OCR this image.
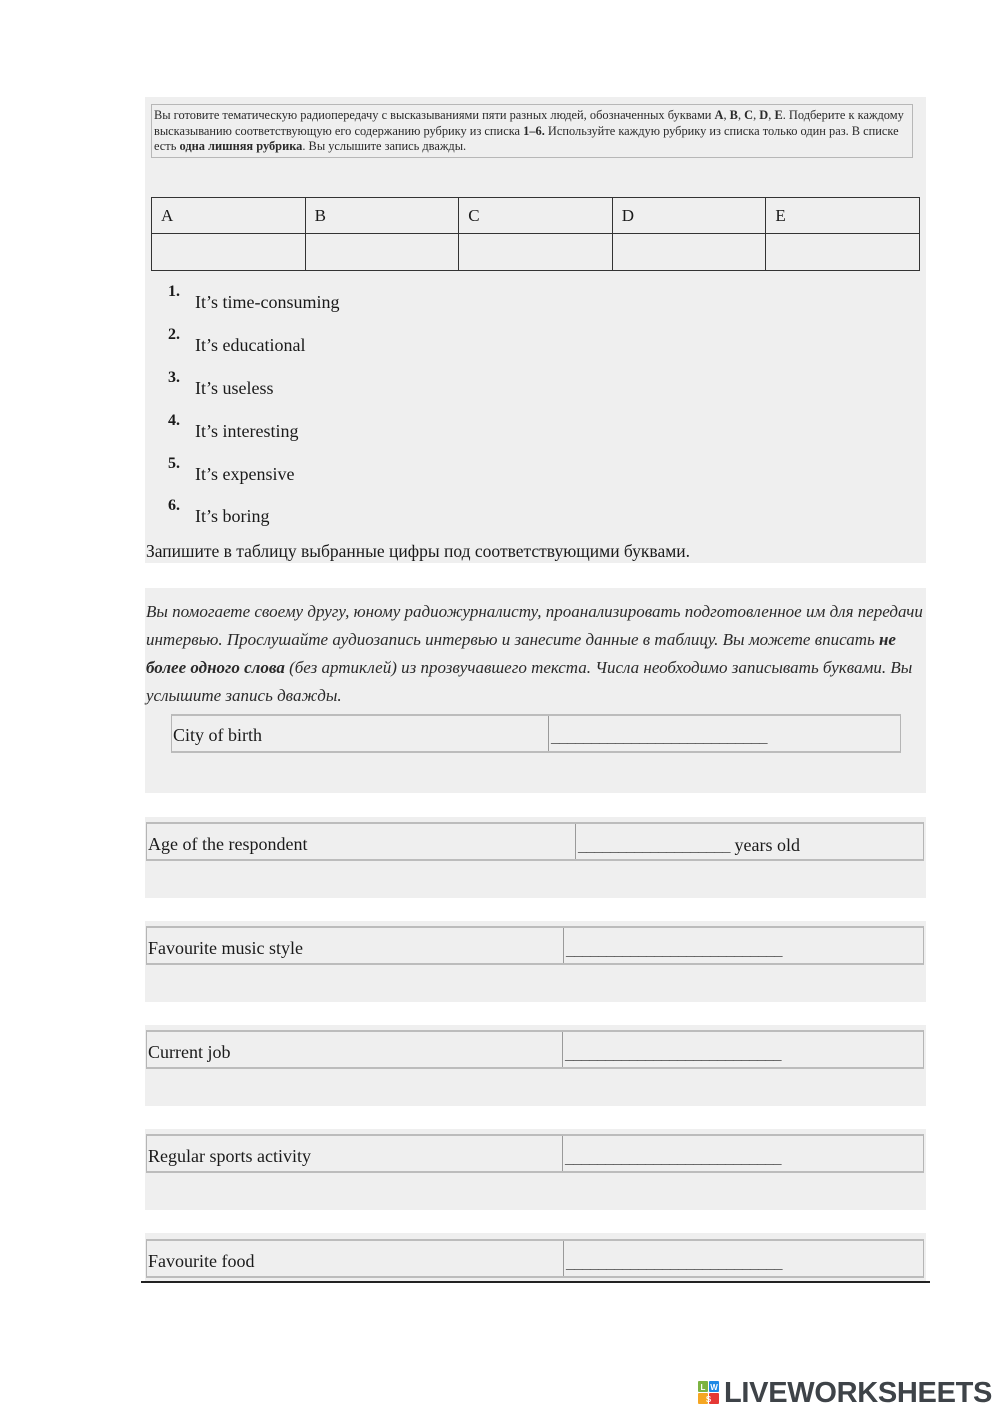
Вы готовите тематическую радиопередачу с высказываниями пяти разных людей, обозначенных буквами A, B, C, D, E. Подберите к каждому высказыванию соответствующую его содержанию рубрику из списка 1–6. Используйте каждую рубрику из списка только один раз. В списке есть одна лишняя рубрика. Вы услышите запись дважды.
A	B	C	D	E

1.
It’s time-consuming
2.
It’s educational
3.
It’s useless
4.
It’s interesting
5.
It’s expensive
6.
It’s boring
Запишите в таблицу выбранные цифры под соответствующими буквами.
Вы помогаете своему другу, юному радиожурналисту, проанализировать подготовленное им для передачи интервью. Прослушайте аудиозапись интервью и занесите данные в таблицу. Вы можете вписать не более одного слова (без артиклей) из прозвучавшего текста. Числа необходимо записывать буквами. Вы услышите запись дважды.
City of birth	___________________________
Age of the respondent	___________________ years old
Favourite music style	___________________________
Current job	___________________________
Regular sports activity	___________________________
Favourite food	___________________________
L W
S LIVEWORKSHEETS
